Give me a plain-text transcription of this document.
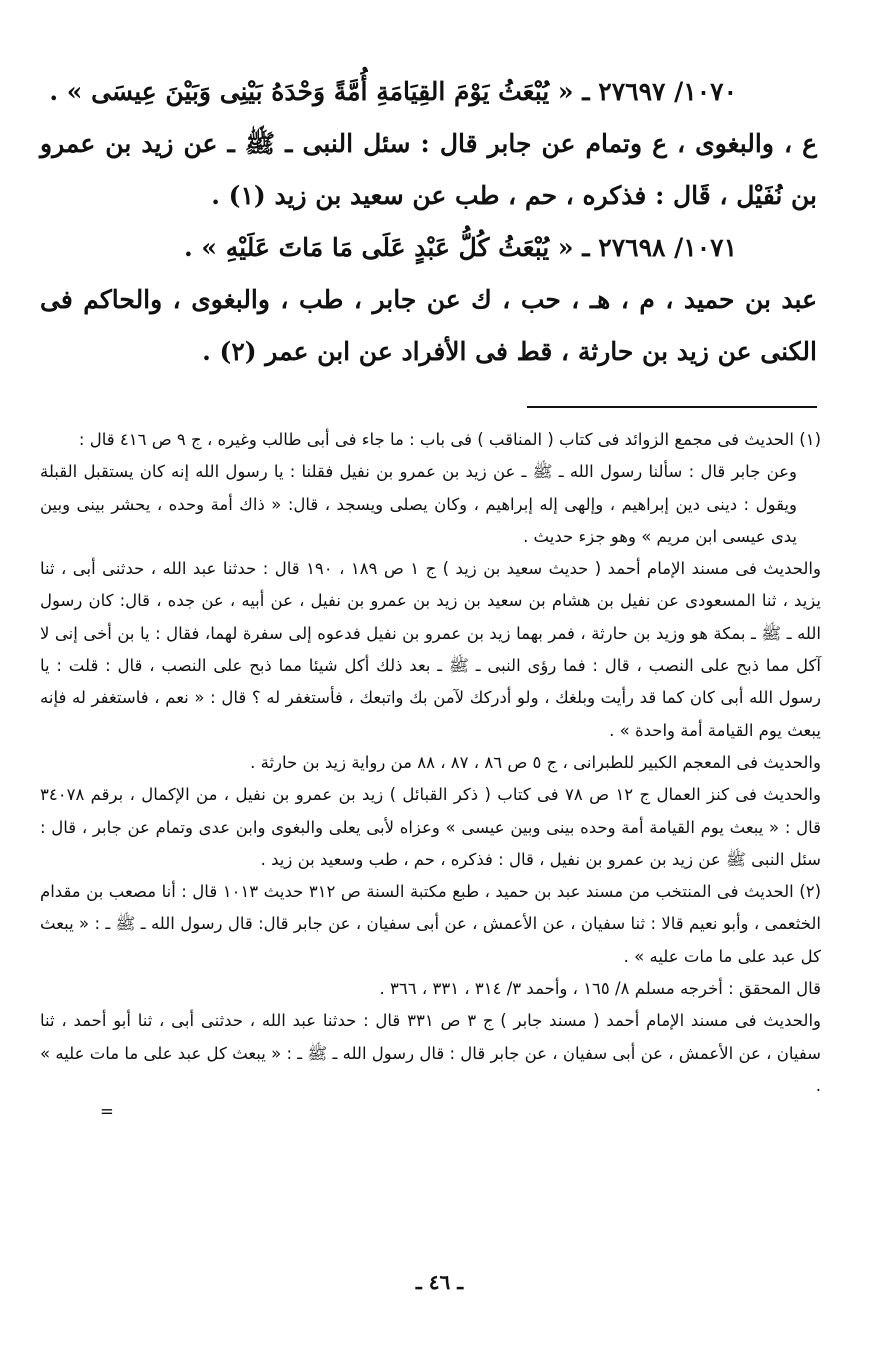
١٠٧٠/ ٢٧٦٩٧ ـ « يُبْعَثُ يَوْمَ القِيَامَةِ أُمَّةً وَحْدَهُ بَيْنِى وَبَيْنَ عِيسَى » .

ع ، والبغوى ، ع وتمام عن جابر قال : سئل النبى ـ ﷺ ـ عن زيد بن عمرو بن نُفَيْل ، قَال : فذكره ، حم ، طب عن سعيد بن زيد (١) .

١٠٧١/ ٢٧٦٩٨ ـ « يُبْعَثُ كُلُّ عَبْدٍ عَلَى مَا مَاتَ عَلَيْهِ » .

عبد بن حميد ، م ، هـ ، حب ، ك عن جابر ، طب ، والبغوى ، والحاكم فى الكنى عن زيد بن حارثة ، قط فى الأفراد عن ابن عمر (٢) .

(١) الحديث فى مجمع الزوائد فى كتاب ( المناقب ) فى باب : ما جاء فى أبى طالب وغيره ، ج ٩ ص ٤١٦ قال :

وعن جابر قال : سألنا رسول الله ـ ﷺ ـ عن زيد بن عمرو بن نفيل فقلنا : يا رسول الله إنه كان يستقبل القبلة ويقول : دينى دين إبراهيم ، وإلهى إله إبراهيم ، وكان يصلى ويسجد ، قال: « ذاك أمة وحده ، يحشر بينى وبين يدى عيسى ابن مريم » وهو جزء حديث .

والحديث فى مسند الإمام أحمد ( حديث سعيد بن زيد ) ج ١ ص ١٨٩ ، ١٩٠ قال : حدثنا عبد الله ، حدثنى أبى ، ثنا يزيد ، ثنا المسعودى عن نفيل بن هشام بن سعيد بن زيد بن عمرو بن نفيل ، عن أبيه ، عن جده ، قال: كان رسول الله ـ ﷺ ـ بمكة هو وزيد بن حارثة ، فمر بهما زيد بن عمرو بن نفيل فدعوه إلى سفرة لهما، فقال : يا بن أخى إنى لا آكل مما ذبح على النصب ، قال : فما رؤى النبى ـ ﷺ ـ بعد ذلك أكل شيئا مما ذبح على النصب ، قال : قلت : يا رسول الله أبى كان كما قد رأيت وبلغك ، ولو أدركك لآمن بك واتبعك ، فأستغفر له ؟ قال : « نعم ، فاستغفر له فإنه يبعث يوم القيامة أمة واحدة » .

والحديث فى المعجم الكبير للطبرانى ، ج ٥ ص ٨٦ ، ٨٧ ، ٨٨ من رواية زيد بن حارثة .

والحديث فى كنز العمال ج ١٢ ص ٧٨ فى كتاب ( ذكر القبائل ) زيد بن عمرو بن نفيل ، من الإكمال ، برقم ٣٤٠٧٨ قال : « يبعث يوم القيامة أمة وحده بينى وبين عيسى » وعزاه لأبى يعلى والبغوى وابن عدى وتمام عن جابر ، قال : سئل النبى ﷺ عن زيد بن عمرو بن نفيل ، قال : فذكره ، حم ، طب وسعيد بن زيد .

(٢) الحديث فى المنتخب من مسند عبد بن حميد ، طبع مكتبة السنة ص ٣١٢ حديث ١٠١٣ قال : أنا مصعب بن مقدام الخثعمى ، وأبو نعيم قالا : ثنا سفيان ، عن الأعمش ، عن أبى سفيان ، عن جابر قال: قال رسول الله ـ ﷺ ـ : « يبعث كل عبد على ما مات عليه » .

قال المحقق : أخرجه مسلم ٨/ ١٦٥ ، وأحمد ٣/ ٣١٤ ، ٣٣١ ، ٣٦٦ .

والحديث فى مسند الإمام أحمد ( مسند جابر ) ج ٣ ص ٣٣١ قال : حدثنا عبد الله ، حدثنى أبى ، ثنا أبو أحمد ، ثنا سفيان ، عن الأعمش ، عن أبى سفيان ، عن جابر قال : قال رسول الله ـ ﷺ ـ : « يبعث كل عبد على ما مات عليه » .

=
ـ ٤٦ ـ
